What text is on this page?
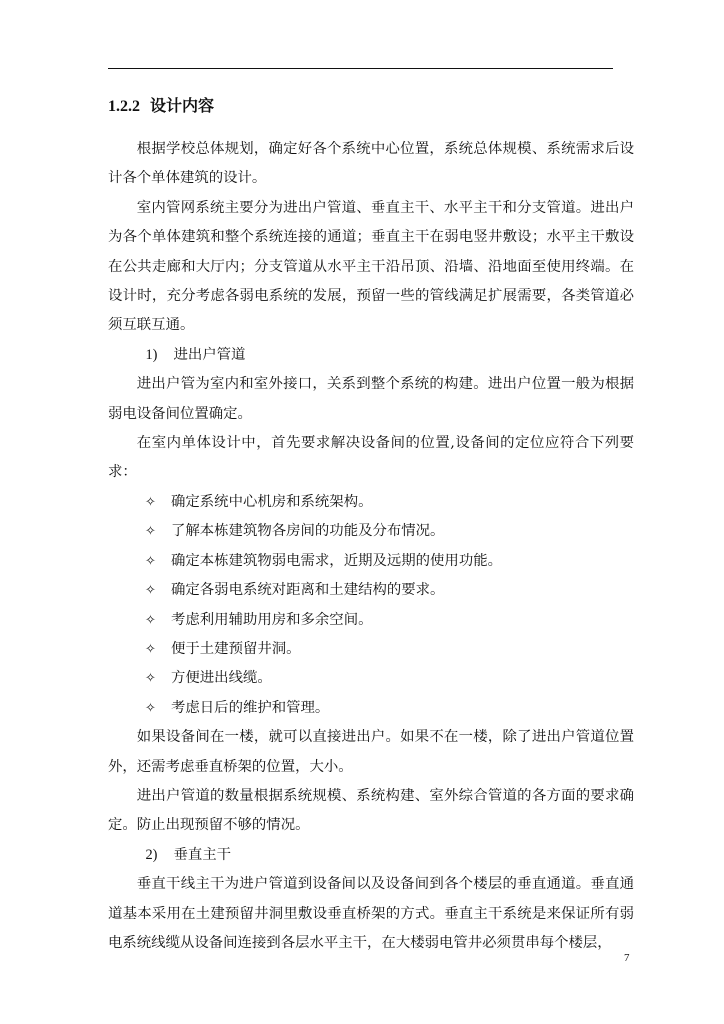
1.2.2 设计内容

根据学校总体规划，确定好各个系统中心位置，系统总体规模、系统需求后设计各个单体建筑的设计。

室内管网系统主要分为进出户管道、垂直主干、水平主干和分支管道。进出户为各个单体建筑和整个系统连接的通道；垂直主干在弱电竖井敷设；水平主干敷设在公共走廊和大厅内；分支管道从水平主干沿吊顶、沿墙、沿地面至使用终端。在设计时，充分考虑各弱电系统的发展，预留一些的管线满足扩展需要，各类管道必须互联互通。

1) 进出户管道

进出户管为室内和室外接口，关系到整个系统的构建。进出户位置一般为根据弱电设备间位置确定。

在室内单体设计中，首先要求解决设备间的位置,设备间的定位应符合下列要求：

✧ 确定系统中心机房和系统架构。
✧ 了解本栋建筑物各房间的功能及分布情况。
✧ 确定本栋建筑物弱电需求，近期及远期的使用功能。
✧ 确定各弱电系统对距离和土建结构的要求。
✧ 考虑利用辅助用房和多余空间。
✧ 便于土建预留井洞。
✧ 方便进出线缆。
✧ 考虑日后的维护和管理。

如果设备间在一楼，就可以直接进出户。如果不在一楼，除了进出户管道位置外，还需考虑垂直桥架的位置，大小。

进出户管道的数量根据系统规模、系统构建、室外综合管道的各方面的要求确定。防止出现预留不够的情况。

2) 垂直主干

垂直干线主干为进户管道到设备间以及设备间到各个楼层的垂直通道。垂直通道基本采用在土建预留井洞里敷设垂直桥架的方式。垂直主干系统是来保证所有弱电系统线缆从设备间连接到各层水平主干，在大楼弱电管井必须贯串每个楼层，

7
